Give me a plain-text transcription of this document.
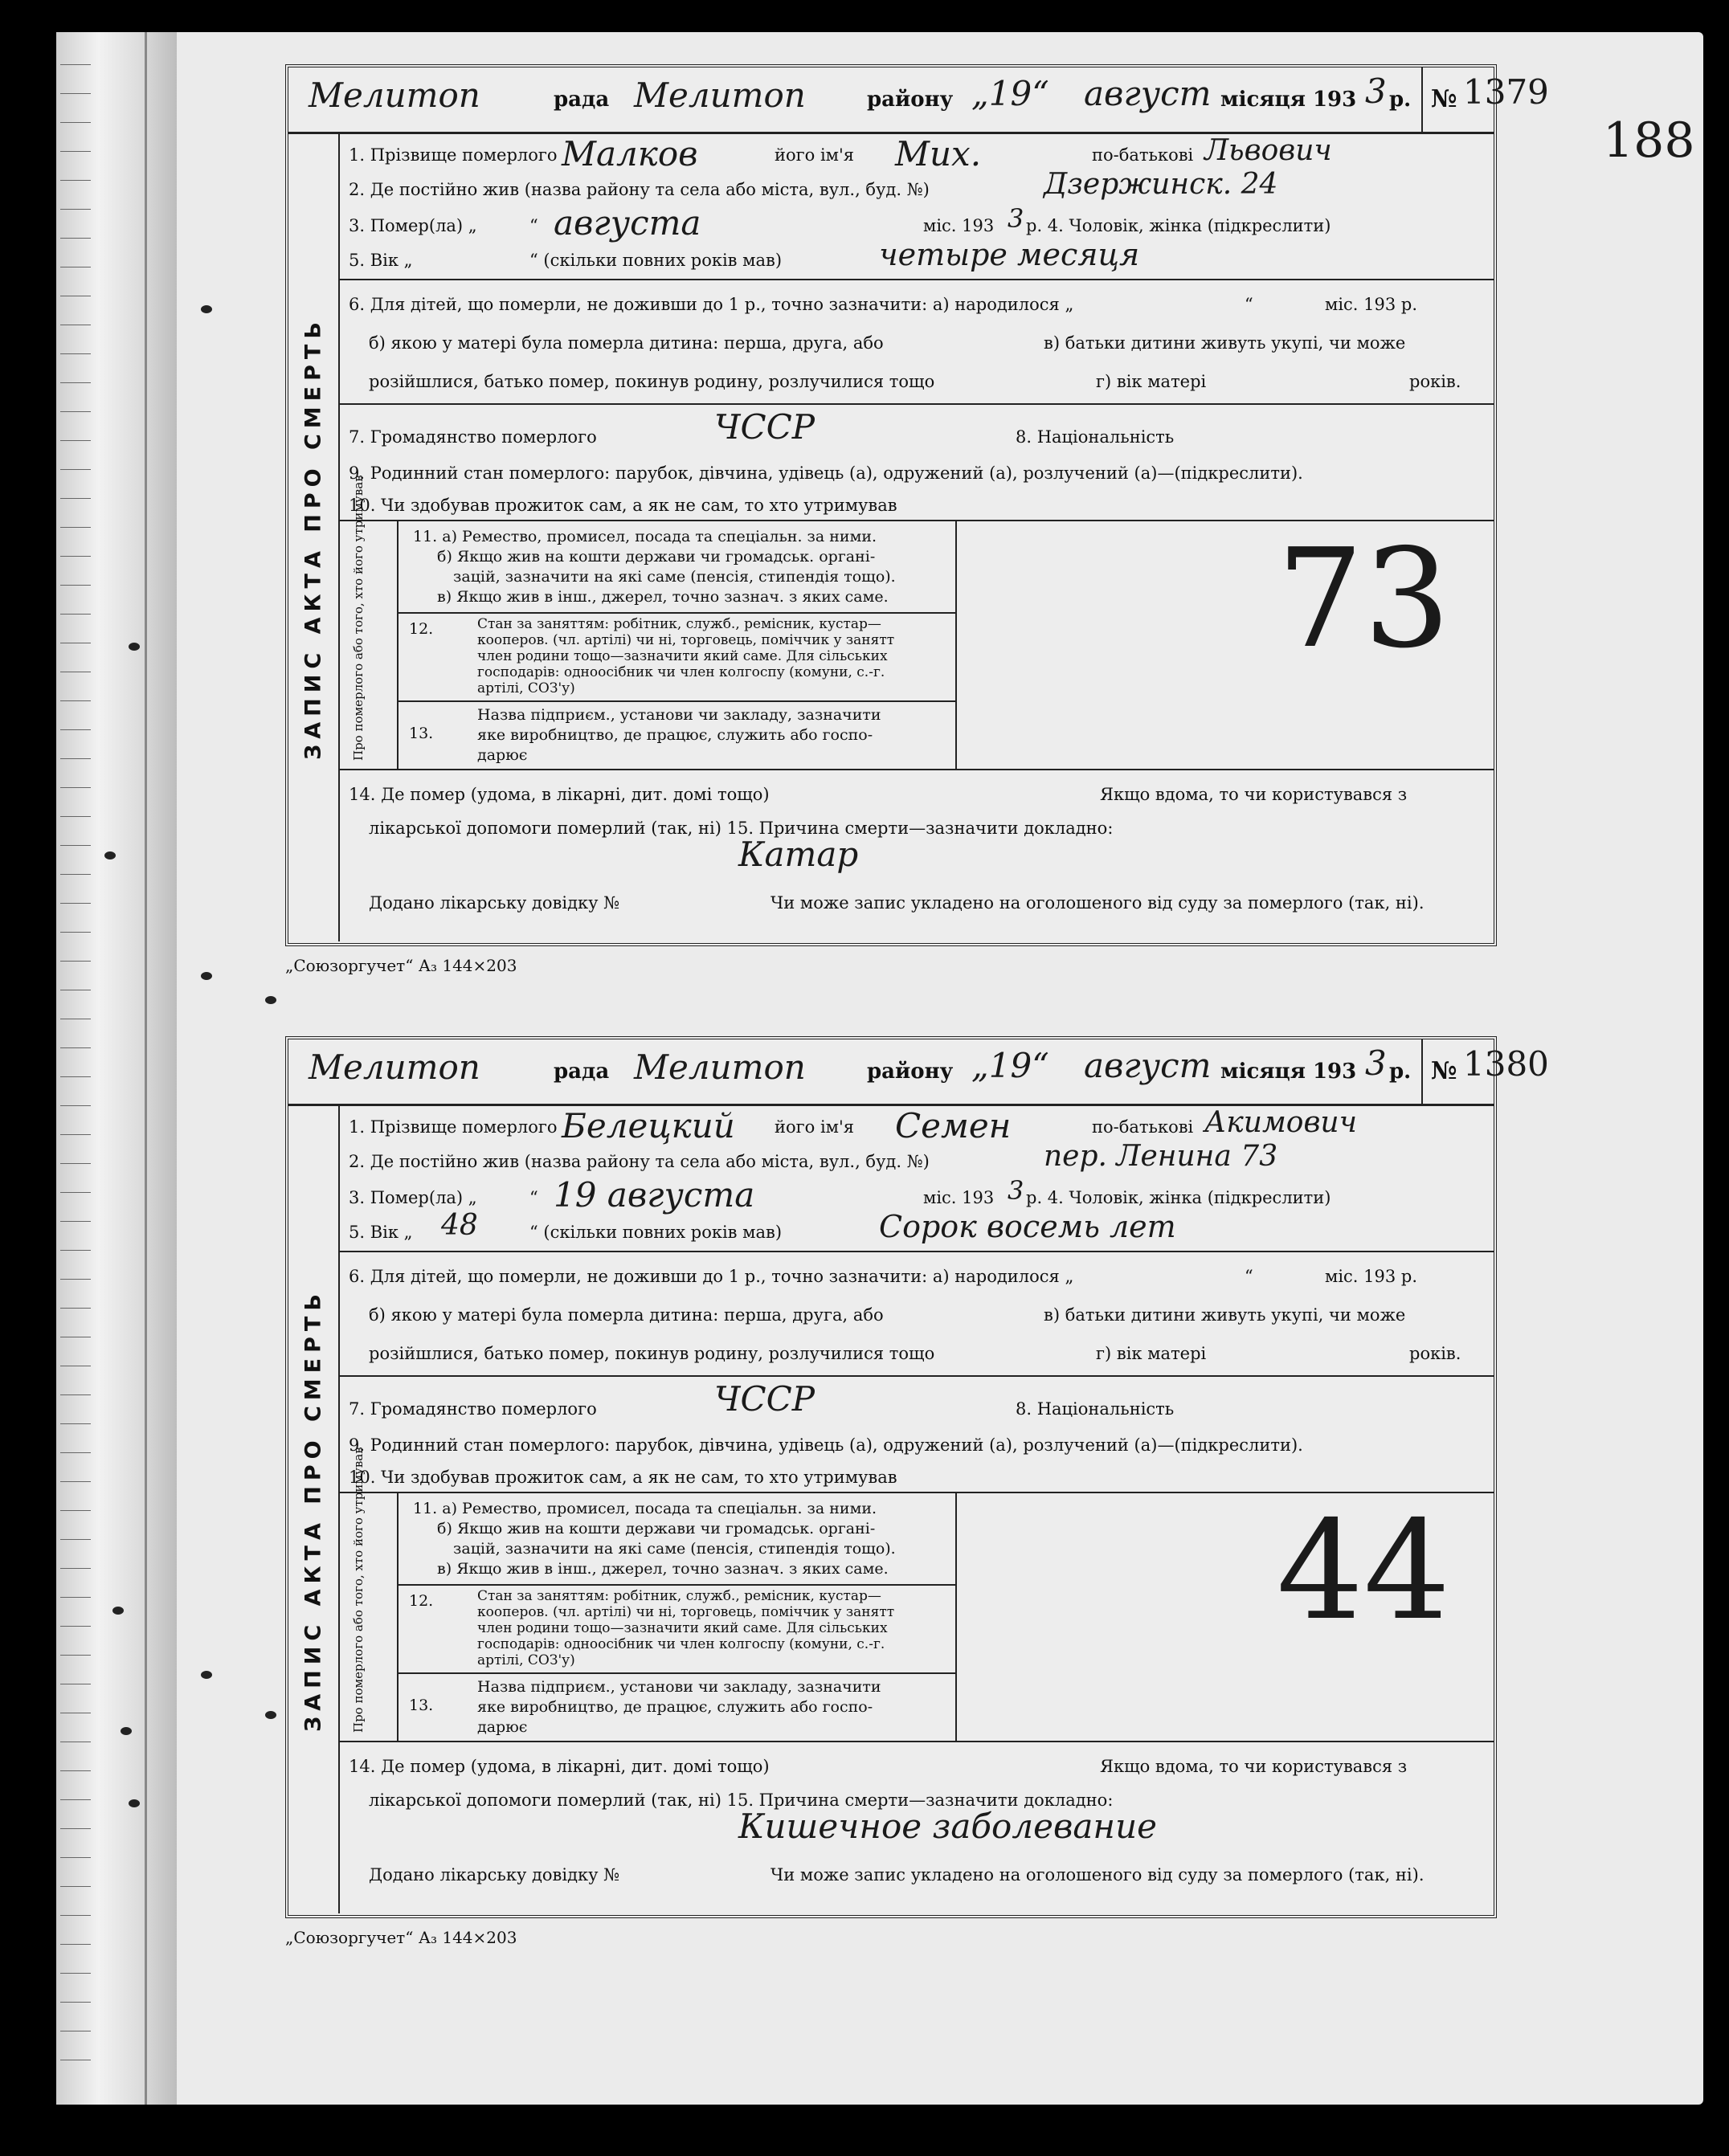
188
Мелитоп	рада Мелитоп	району „19“ август місяця 193 3 р. № 1379
ЗАПИС АКТА ПРО СМЕРТЬ
1. Прізвище померлого Малков	його ім'я Мих.	по-батькові Львович
2. Де постійно жив (назва району та села або міста, вул., буд. №)	Дзержинск. 24
3. Помер(ла) „	“ августа	міс. 193 3 р. 4. Чоловік, жінка (підкреслити)
5. Вік „	“ (скільки повних років мав)	четыре месяця
6. Для дітей, що померли, не доживши до 1 р., точно зазначити: а) народилося „	“	міс. 193 р.
б) якою у матері була померла дитина: перша, друга, або	в) батьки дитини живуть укупі, чи може
розійшлися, батько помер, покинув родину, розлучилися тощо	г) вік матері	років.
7. Громадянство померлого	ЧССР	8. Національність
9. Родинний стан померлого: парубок, дівчина, удівець (а), одружений (а), розлучений (а)—(підкреслити).
10. Чи здобував прожиток сам, а як не сам, то хто утримував
Про померлого або того, хто його утримував	11. а) Ремество, промисел, посада та спеціальн. за ними.
б) Якщо жив на кошти держави чи громадськ. органі-
зацій, зазначити на які саме (пенсія, стипендія тощо).
в) Якщо жив в інш., джерел, точно зазнач. з яких саме.
12.	Стан за заняттям: робітник, служб., ремісник, кустар—
кооперов. (чл. артілі) чи ні, торговець, поміччик у занятт
член родини тощо—зазначити який саме. Для сільських
господарів: одноосібник чи член колгоспу (комуни, с.-г.
артілі, СОЗ'у)
13.
Назва підприєм., установи чи закладу, зазначити
яке виробництво, де працює, служить або госпо-
дарює
73
14. Де помер (удома, в лікарні, дит. домі тощо)	Якщо вдома, то чи користувався з
лікарської допомоги померлий (так, ні) 15. Причина смерти—зазначити докладно:
Катар
Додано лікарську довідку №	Чи може запис укладено на оголошеного від суду за померлого (так, ні).
„Союзоргучет“ А₃ 144×203
Мелитоп	рада Мелитоп	району „19“ август місяця 193 3 р. № 1380
ЗАПИС АКТА ПРО СМЕРТЬ
1. Прізвище померлого Белецкий його ім'я Семен	по-батькові Акимович
2. Де постійно жив (назва району та села або міста, вул., буд. №)	пер. Ленина 73
3. Помер(ла) „	“ 19 августа	міс. 193 3 р. 4. Чоловік, жінка (підкреслити)
5. Вік „ 48	“ (скільки повних років мав)	Сорок восемь лет
6. Для дітей, що померли, не доживши до 1 р., точно зазначити: а) народилося „	“	міс. 193 р.
б) якою у матері була померла дитина: перша, друга, або	в) батьки дитини живуть укупі, чи може
розійшлися, батько помер, покинув родину, розлучилися тощо	г) вік матері	років.
7. Громадянство померлого	ЧССР	8. Національність
9. Родинний стан померлого: парубок, дівчина, удівець (а), одружений (а), розлучений (а)—(підкреслити).
10. Чи здобував прожиток сам, а як не сам, то хто утримував
Про померлого або того, хто його утримував	11. а) Ремество, промисел, посада та спеціальн. за ними.
б) Якщо жив на кошти держави чи громадськ. органі-
зацій, зазначити на які саме (пенсія, стипендія тощо).
в) Якщо жив в інш., джерел, точно зазнач. з яких саме.
12.	Стан за заняттям: робітник, служб., ремісник, кустар—
кооперов. (чл. артілі) чи ні, торговець, поміччик у занятт
член родини тощо—зазначити який саме. Для сільських
господарів: одноосібник чи член колгоспу (комуни, с.-г.
артілі, СОЗ'у)
13.
Назва підприєм., установи чи закладу, зазначити
яке виробництво, де працює, служить або госпо-
дарює
44
14. Де помер (удома, в лікарні, дит. домі тощо)	Якщо вдома, то чи користувався з
лікарської допомоги померлий (так, ні) 15. Причина смерти—зазначити докладно:
Кишечное заболевание
Додано лікарську довідку №	Чи може запис укладено на оголошеного від суду за померлого (так, ні).
„Союзоргучет“ А₃ 144×203
